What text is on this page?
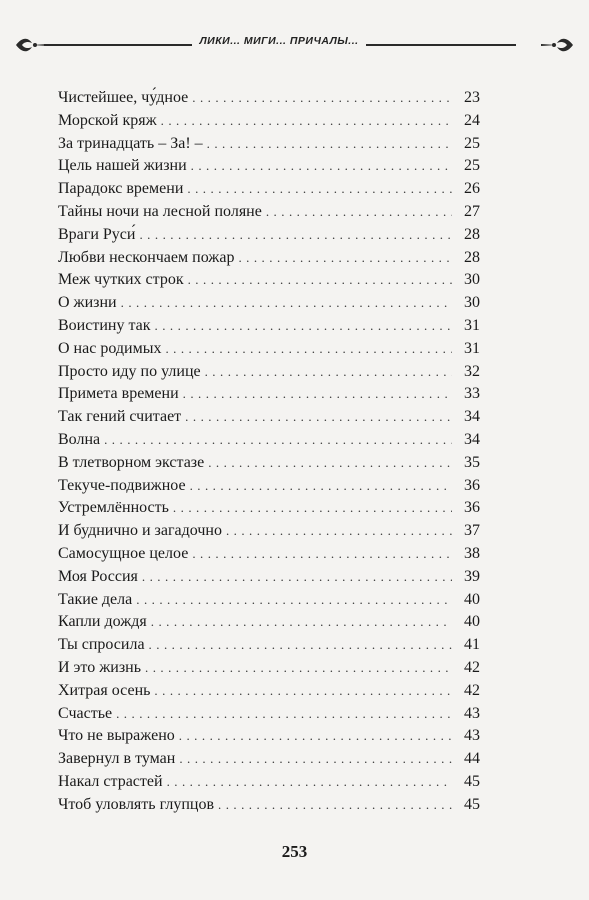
ЛИКИ... МИГИ... ПРИЧАЛЫ...
Чистейшее, чу́дное . . .	23
Морской кряж . . .	24
За тринадцать – За! – . . .	25
Цель нашей жизни . . .	25
Парадокс времени . . .	26
Тайны ночи на лесной поляне . . .	27
Враги Руси́ . . .	28
Любви нескончаем пожар . . .	28
Меж чутких строк . . .	30
О жизни . . .	30
Воистину так . . .	31
О нас родимых . . .	31
Просто иду по улице . . .	32
Примета времени . . .	33
Так гений считает . . .	34
Волна . . .	34
В тлетворном экстазе . . .	35
Текуче-подвижное . . .	36
Устремлённость . . .	36
И буднично и загадочно . . .	37
Самосущное целое . . .	38
Моя Россия . . .	39
Такие дела . . .	40
Капли дождя . . .	40
Ты спросила . . .	41
И это жизнь . . .	42
Хитрая осень . . .	42
Счастье . . .	43
Что не выражено . . .	43
Завернул в туман . . .	44
Накал страстей . . .	45
Чтоб уловлять глупцов . . .	45
253
